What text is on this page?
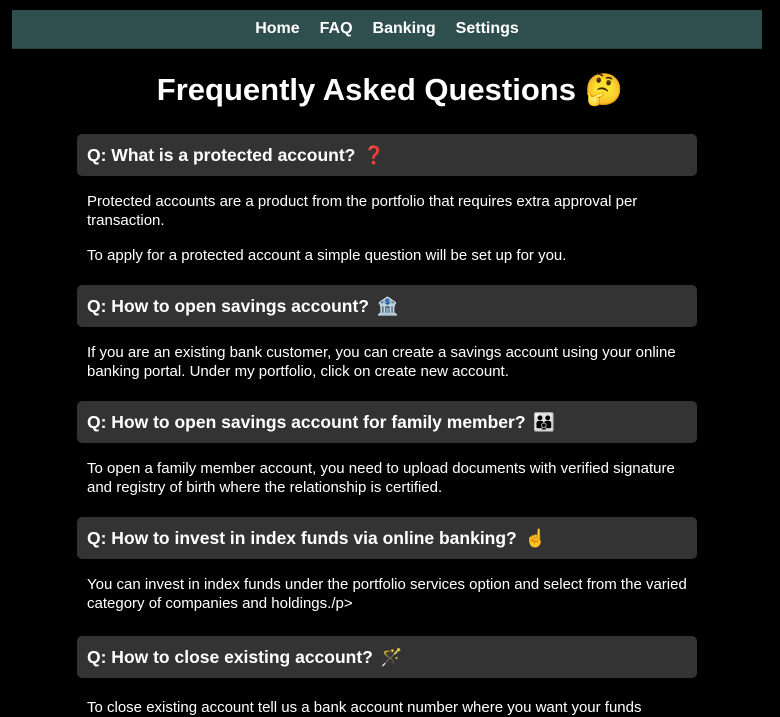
Home FAQ Banking Settings
Frequently Asked Questions 🤔
Q: What is a protected account? ❓

Protected accounts are a product from the portfolio that requires extra approval per transaction.

To apply for a protected account a simple question will be set up for you.

Q: How to open savings account? 🏦

If you are an existing bank customer, you can create a savings account using your online banking portal. Under my portfolio, click on create new account.

Q: How to open savings account for family member? 👪

To open a family member account, you need to upload documents with verified signature and registry of birth where the relationship is certified.

Q: How to invest in index funds via online banking? ☝️

You can invest in index funds under the portfolio services option and select from the varied category of companies and holdings./p>

Q: How to close existing account? 🪄

To close existing account tell us a bank account number where you want your funds
